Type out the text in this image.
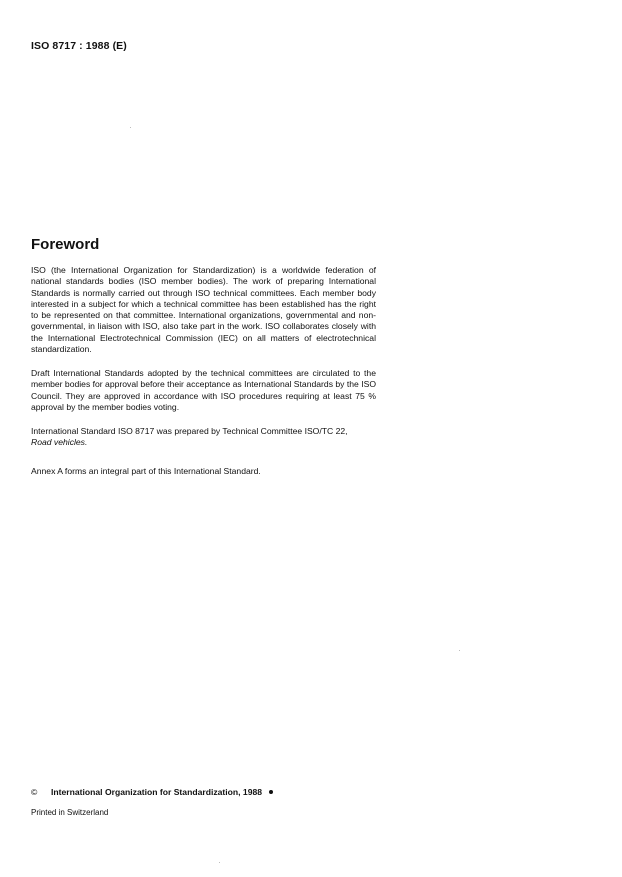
ISO 8717 : 1988 (E)
Foreword

ISO (the International Organization for Standardization) is a worldwide federation of national standards bodies (ISO member bodies). The work of preparing International Standards is normally carried out through ISO technical committees. Each member body interested in a subject for which a technical committee has been established has the right to be represented on that committee. International organizations, governmental and non-governmental, in liaison with ISO, also take part in the work. ISO collaborates closely with the International Electrotechnical Commission (IEC) on all matters of electrotechnical standardization.

Draft International Standards adopted by the technical committees are circulated to the member bodies for approval before their acceptance as International Standards by the ISO Council. They are approved in accordance with ISO procedures requiring at least 75 % approval by the member bodies voting.

International Standard ISO 8717 was prepared by Technical Committee ISO/TC 22,
Road vehicles.

Annex A forms an integral part of this International Standard.

©	International Organization for Standardization, 1988
Printed in Switzerland
